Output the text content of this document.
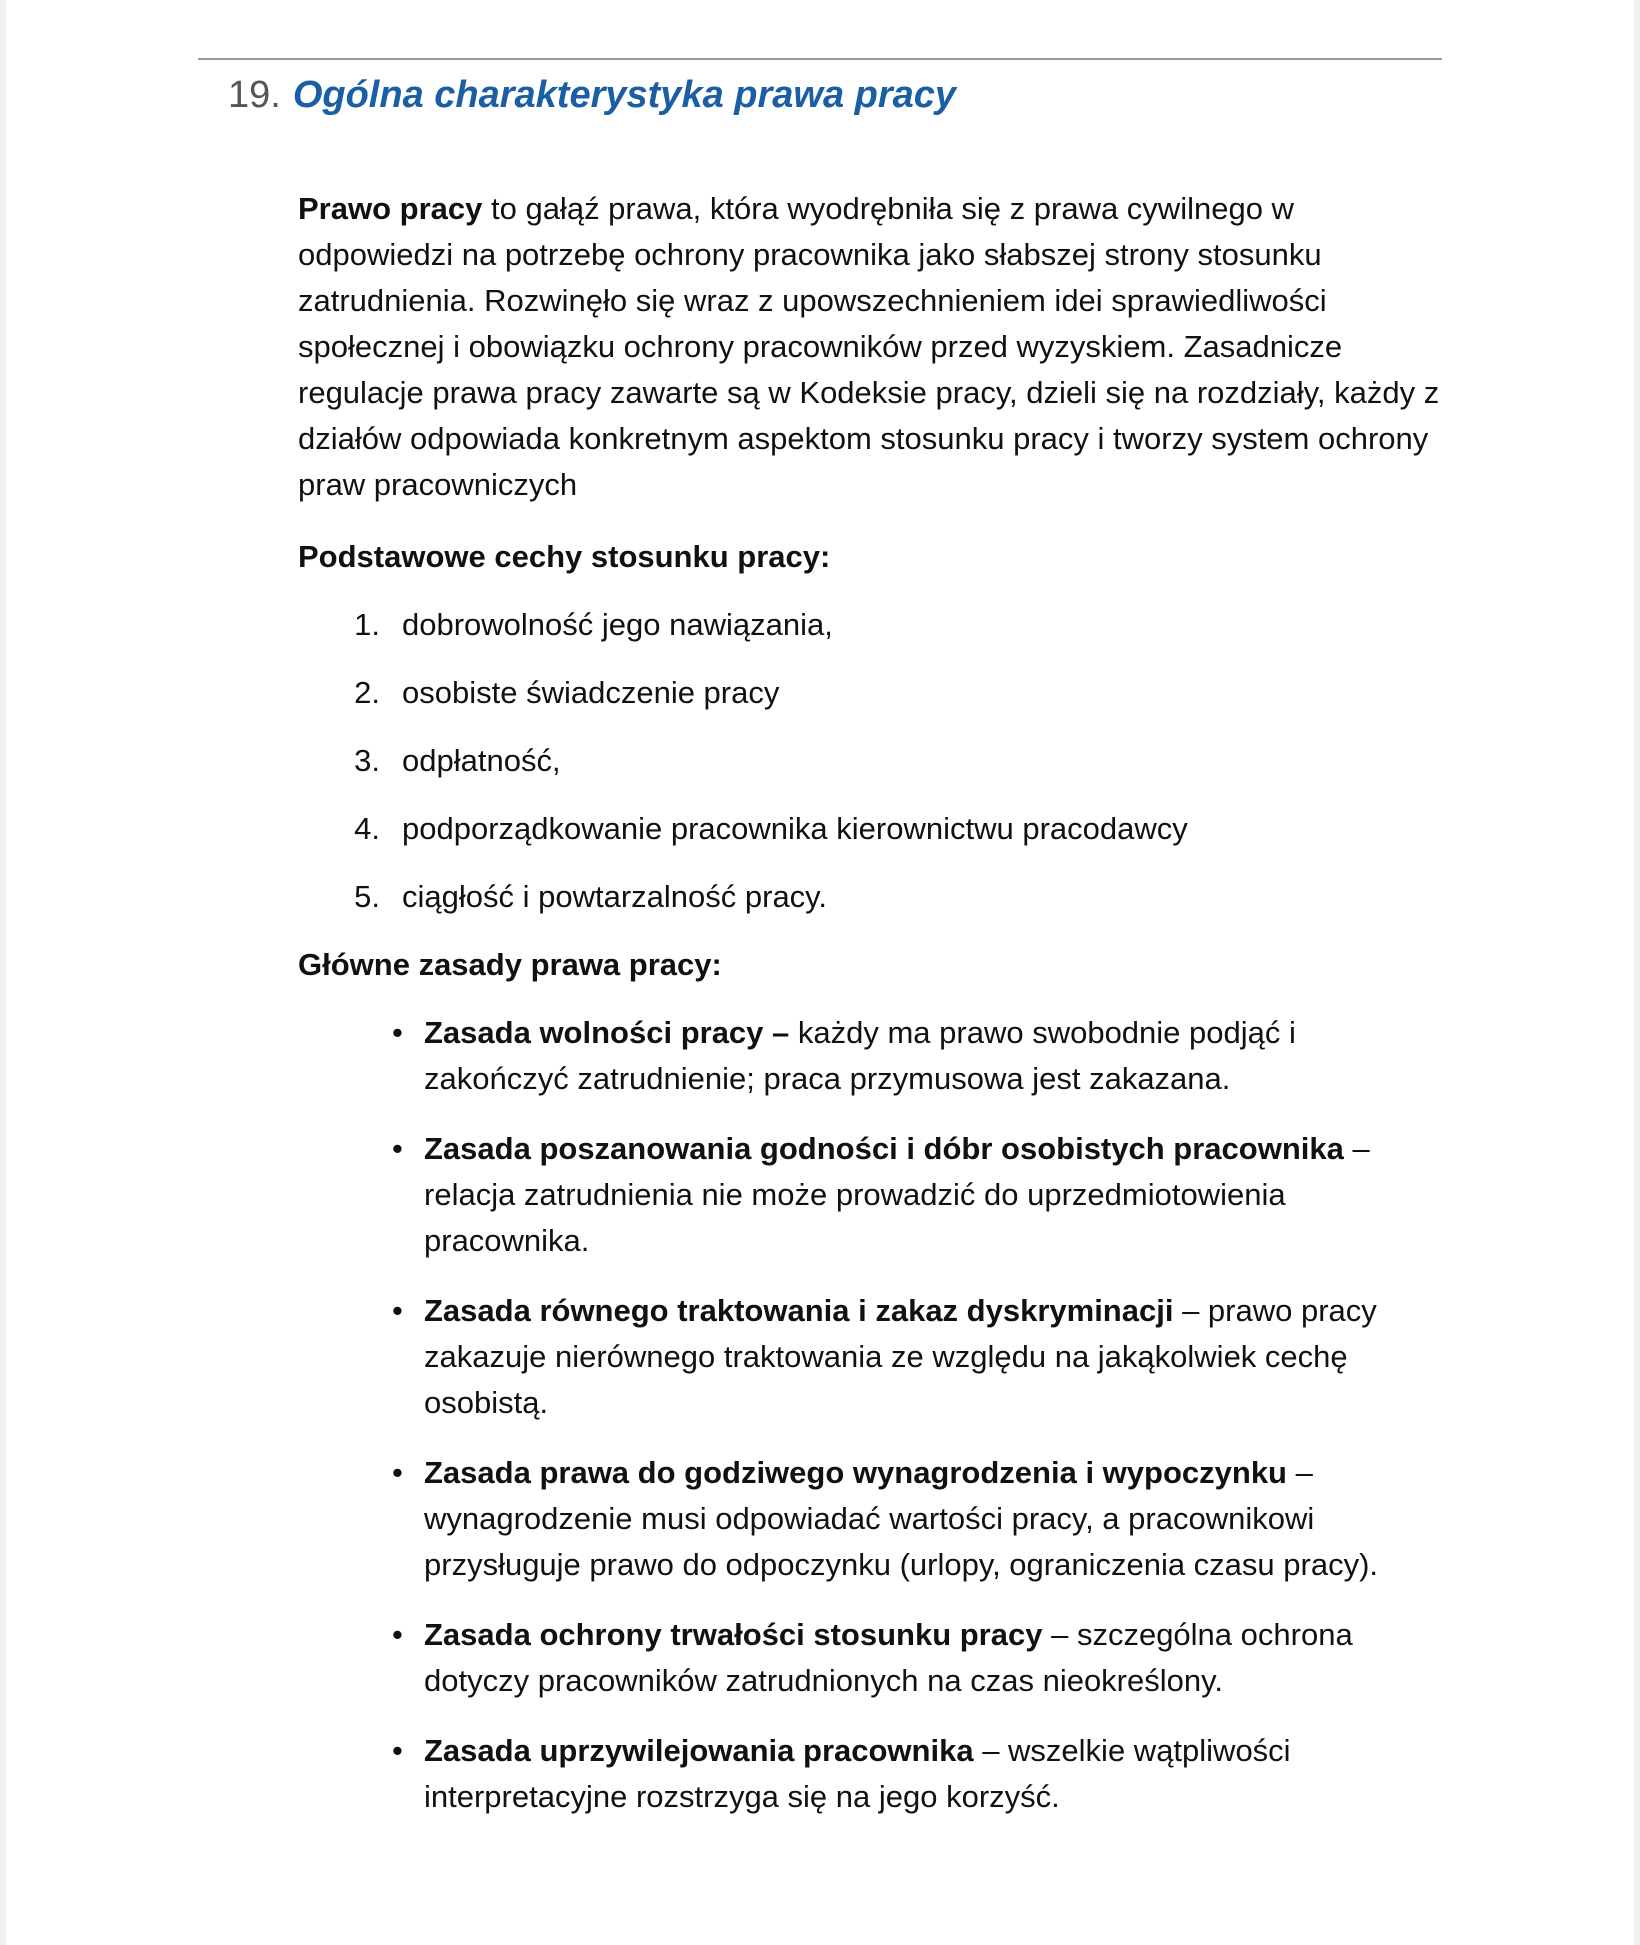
19. Ogólna charakterystyka prawa pracy

Prawo pracy to gałąź prawa, która wyodrębniła się z prawa cywilnego w odpowiedzi na potrzebę ochrony pracownika jako słabszej strony stosunku zatrudnienia. Rozwinęło się wraz z upowszechnieniem idei sprawiedliwości społecznej i obowiązku ochrony pracowników przed wyzyskiem. Zasadnicze regulacje prawa pracy zawarte są w Kodeksie pracy, dzieli się na rozdziały, każdy z działów odpowiada konkretnym aspektom stosunku pracy i tworzy system ochrony praw pracowniczych

Podstawowe cechy stosunku pracy:
1 . dobrowolność jego nawiązania,
2 . osobiste świadczenie pracy
3 . odpłatność,
4 . podporządkowanie pracownika kierownictwu pracodawcy
5 . ciągłość i powtarzalność pracy.
Główne zasady prawa pracy:
• Zasada wolności pracy – każdy ma prawo swobodnie podjąć i zakończyć zatrudnienie; praca przymusowa jest zakazana.
• Zasada poszanowania godności i dóbr osobistych pracownika – relacja zatrudnienia nie może prowadzić do uprzedmiotowienia pracownika.
• Zasada równego traktowania i zakaz dyskryminacji – prawo pracy zakazuje nierównego traktowania ze względu na jakąkolwiek cechę osobistą.
• Zasada prawa do godziwego wynagrodzenia i wypoczynku – wynagrodzenie musi odpowiadać wartości pracy, a pracownikowi przysługuje prawo do odpoczynku (urlopy, ograniczenia czasu pracy).
• Zasada ochrony trwałości stosunku pracy – szczególna ochrona dotyczy pracowników zatrudnionych na czas nieokreślony.
• Zasada uprzywilejowania pracownika – wszelkie wątpliwości interpretacyjne rozstrzyga się na jego korzyść.
